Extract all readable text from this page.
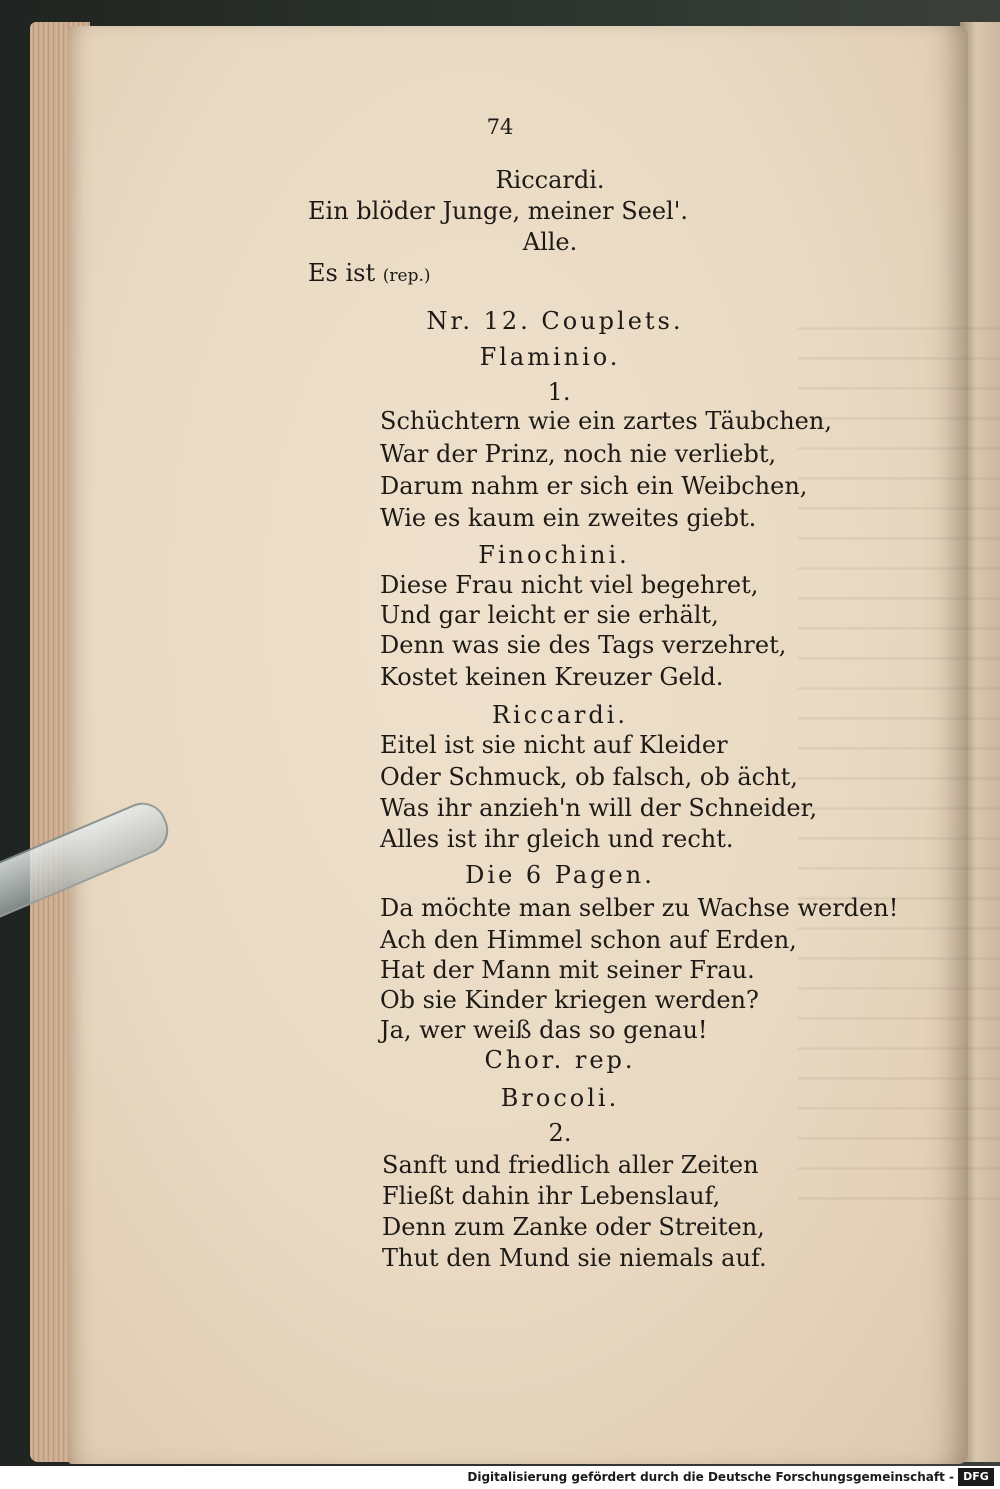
74
Riccardi.
Ein blöder Junge, meiner Seel'.
Alle.
Es ist (rep.)
Nr. 12. Couplets.
Flaminio.
1.
Schüchtern wie ein zartes Täubchen,
War der Prinz, noch nie verliebt,
Darum nahm er sich ein Weibchen,
Wie es kaum ein zweites giebt.
Finochini.
Diese Frau nicht viel begehret,
Und gar leicht er sie erhält,
Denn was sie des Tags verzehret,
Kostet keinen Kreuzer Geld.
Riccardi.
Eitel ist sie nicht auf Kleider
Oder Schmuck, ob falsch, ob ächt,
Was ihr anzieh'n will der Schneider,
Alles ist ihr gleich und recht.
Die 6 Pagen.
Da möchte man selber zu Wachse werden!
Ach den Himmel schon auf Erden,
Hat der Mann mit seiner Frau.
Ob sie Kinder kriegen werden?
Ja, wer weiß das so genau!
Chor. rep.
Brocoli.
2.
Sanft und friedlich aller Zeiten
Fließt dahin ihr Lebenslauf,
Denn zum Zanke oder Streiten,
Thut den Mund sie niemals auf.
Digitalisierung gefördert durch die Deutsche Forschungsgemeinschaft - DFG
